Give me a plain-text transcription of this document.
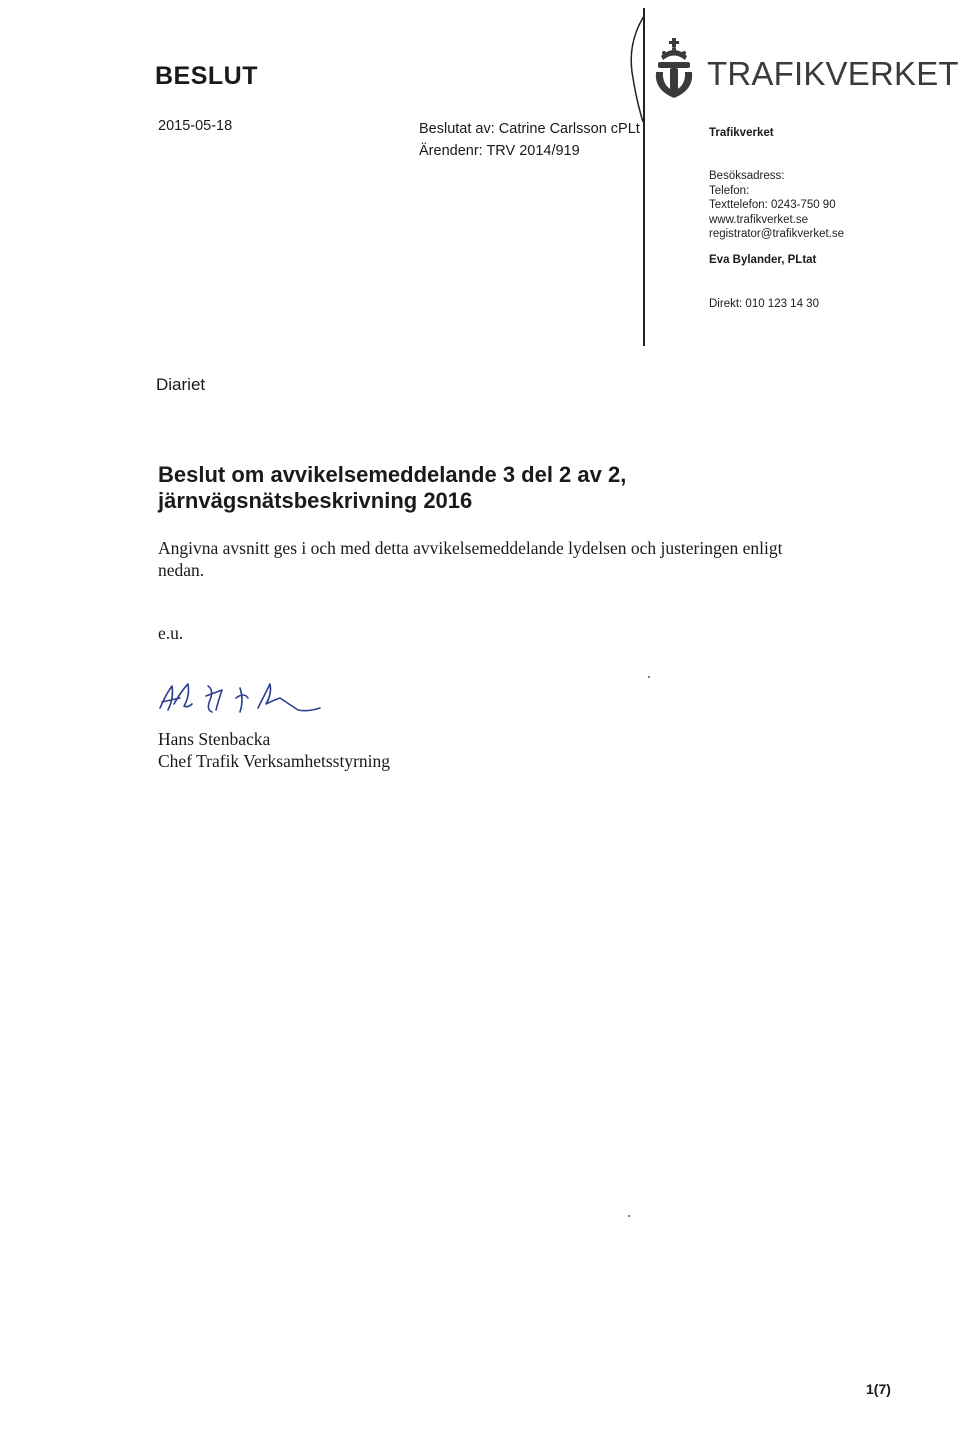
BESLUT
2015-05-18	Beslutat av: Catrine Carlsson cPLt
Ärendenr: TRV 2014/919
TRAFIKVERKET
Trafikverket
Besöksadress:
Telefon:
Texttelefon: 0243-750 90
www.trafikverket.se
registrator@trafikverket.se
Eva Bylander, PLtat
Direkt: 010 123 14 30
Diariet
Beslut om avvikelsemeddelande 3 del 2 av 2,
järnvägsnätsbeskrivning 2016
Angivna avsnitt ges i och med detta avvikelsemeddelande lydelsen och justeringen enligt nedan.
e.u.
Hans Stenbacka
Chef Trafik Verksamhetsstyrning
1(7)
